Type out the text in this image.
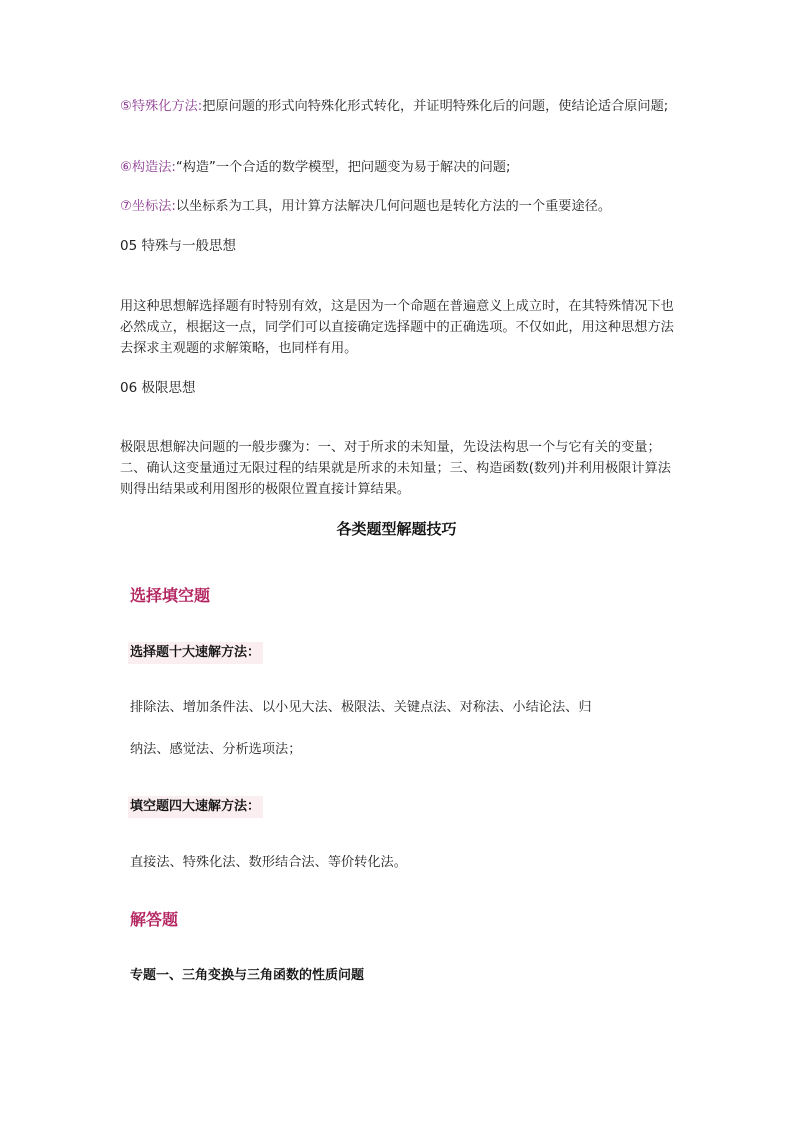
⑤特殊化方法:把原问题的形式向特殊化形式转化，并证明特殊化后的问题，使结论适合原问题;

⑥构造法:“构造”一个合适的数学模型，把问题变为易于解决的问题;

⑦坐标法:以坐标系为工具，用计算方法解决几何问题也是转化方法的一个重要途径。

05 特殊与一般思想

用这种思想解选择题有时特别有效，这是因为一个命题在普遍意义上成立时，在其特殊情况下也必然成立，根据这一点，同学们可以直接确定选择题中的正确选项。不仅如此，用这种思想方法去探求主观题的求解策略，也同样有用。

06 极限思想

极限思想解决问题的一般步骤为：一、对于所求的未知量，先设法构思一个与它有关的变量；二、确认这变量通过无限过程的结果就是所求的未知量；三、构造函数(数列)并利用极限计算法则得出结果或利用图形的极限位置直接计算结果。

各类题型解题技巧

选择填空题

选择题十大速解方法：

排除法、增加条件法、以小见大法、极限法、关键点法、对称法、小结论法、归

纳法、感觉法、分析选项法；

填空题四大速解方法：

直接法、特殊化法、数形结合法、等价转化法。

解答题

专题一、三角变换与三角函数的性质问题
